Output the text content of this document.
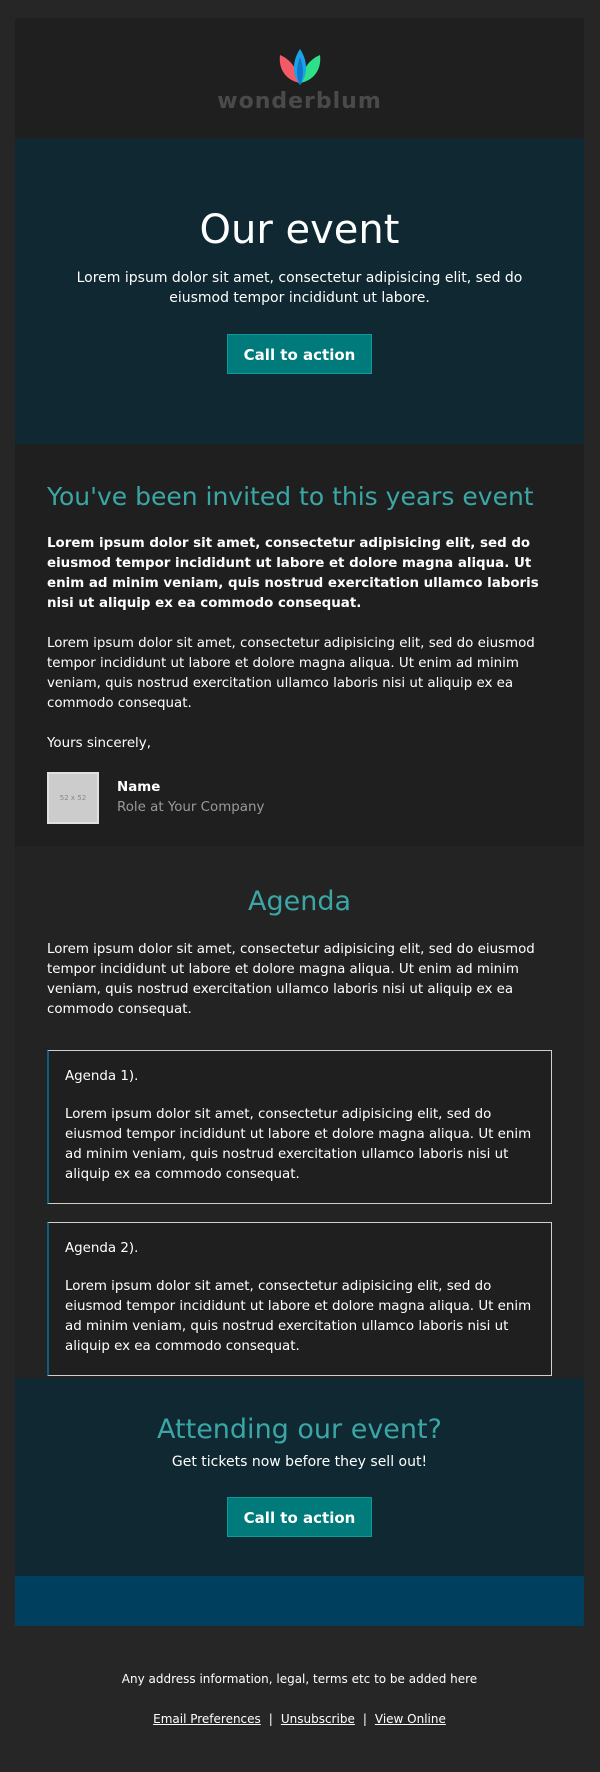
wonderblum
Our event

Lorem ipsum dolor sit amet, consectetur adipisicing elit, sed do eiusmod tempor incididunt ut labore.

Call to action
You've been invited to this years event

Lorem ipsum dolor sit amet, consectetur adipisicing elit, sed do eiusmod tempor incididunt ut labore et dolore magna aliqua. Ut enim ad minim veniam, quis nostrud exercitation ullamco laboris nisi ut aliquip ex ea commodo consequat.

Lorem ipsum dolor sit amet, consectetur adipisicing elit, sed do eiusmod tempor incididunt ut labore et dolore magna aliqua. Ut enim ad minim veniam, quis nostrud exercitation ullamco laboris nisi ut aliquip ex ea commodo consequat.

Yours sincerely,

52 x 52
Name
Role at Your Company
Agenda

Lorem ipsum dolor sit amet, consectetur adipisicing elit, sed do eiusmod tempor incididunt ut labore et dolore magna aliqua. Ut enim ad minim veniam, quis nostrud exercitation ullamco laboris nisi ut aliquip ex ea commodo consequat.

Agenda 1).
Lorem ipsum dolor sit amet, consectetur adipisicing elit, sed do eiusmod tempor incididunt ut labore et dolore magna aliqua. Ut enim ad minim veniam, quis nostrud exercitation ullamco laboris nisi ut aliquip ex ea commodo consequat.
Agenda 2).
Lorem ipsum dolor sit amet, consectetur adipisicing elit, sed do eiusmod tempor incididunt ut labore et dolore magna aliqua. Ut enim ad minim veniam, quis nostrud exercitation ullamco laboris nisi ut aliquip ex ea commodo consequat.
Attending our event?

Get tickets now before they sell out!

Call to action
Any address information, legal, terms etc to be added here
Email Preferences | Unsubscribe | View Online
